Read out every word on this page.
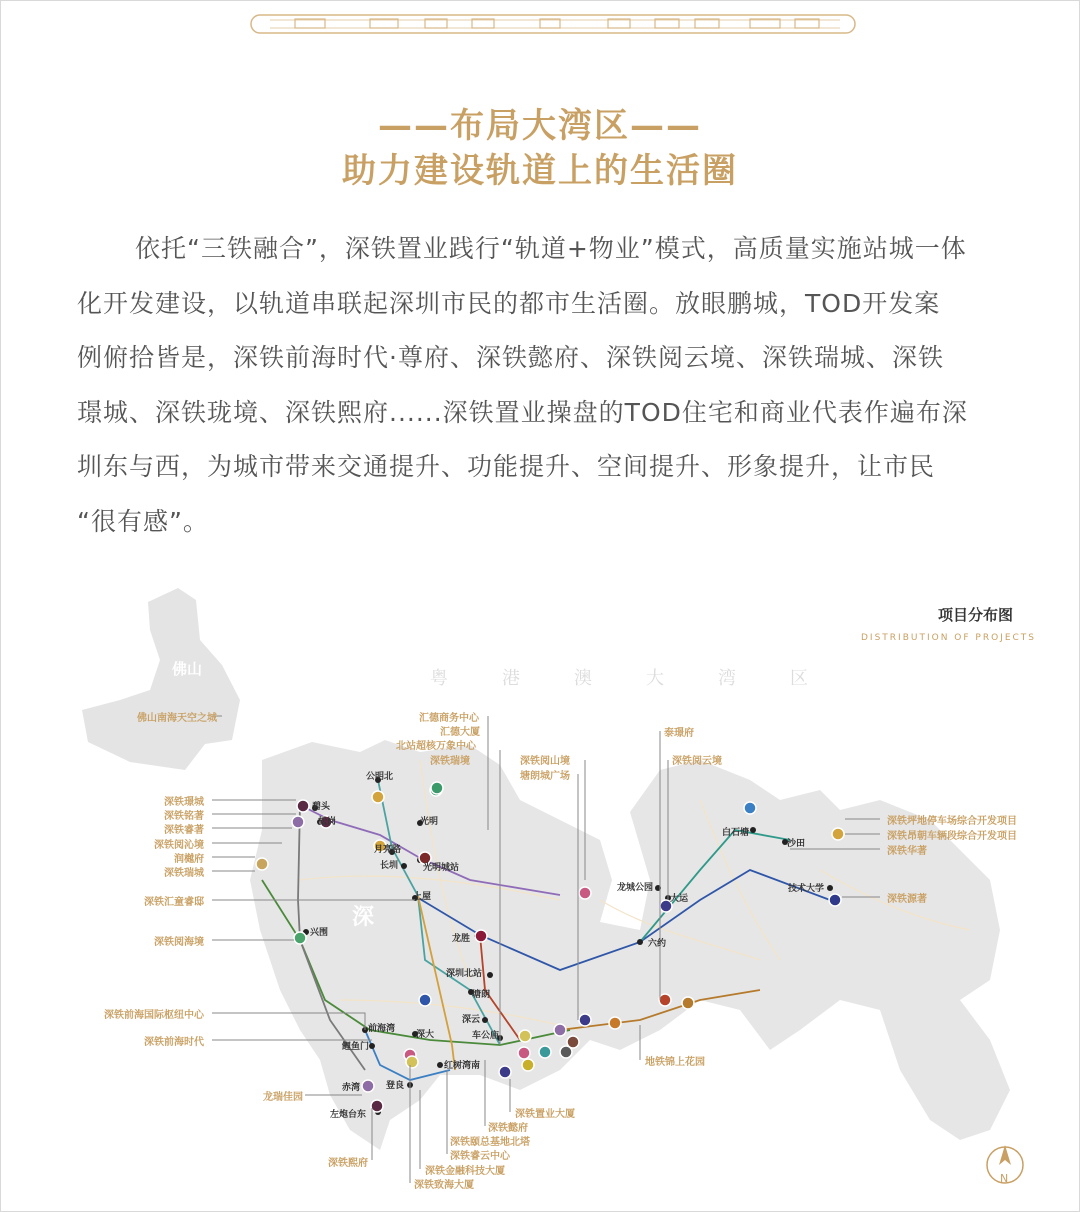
——布局大湾区——
助力建设轨道上的生活圈

依托“三铁融合”，深铁置业践行“轨道+物业”模式，高质量实施站城一体

化开发建设，以轨道串联起深圳市民的都市生活圈。放眼鹏城，TOD开发案

例俯拾皆是，深铁前海时代·尊府、深铁懿府、深铁阅云境、深铁瑞城、深铁

璟城、深铁珑境、深铁熙府......深铁置业操盘的TOD住宅和商业代表作遍布深

圳东与西，为城市带来交通提升、功能提升、空间提升、形象提升，让市民

“很有感”。

项目分布图
DISTRIBUTION OF PROJECTS
粤	港	澳	大	湾	区
佛山
深
N
佛山南海天空之城
深铁璟城
深铁铭著
深铁睿著
深铁阅沁境
润樾府
深铁瑞城
深铁汇童睿邸
深铁阅海境
深铁前海国际枢纽中心
深铁前海时代
龙瑞佳园
深铁熙府
深铁置业大厦
深铁懿府
深铁颐总基地北塔
深铁睿云中心
深铁金融科技大厦
深铁致海大厦
汇德商务中心
汇德大厦
北站超核万象中心
深铁瑞境	深铁阅山境
塘朗城广场
泰璟府
深铁阅云境
深铁坪地停车场综合开发项目
深铁昂朝车辆段综合开发项目
深铁华著
深铁源著
地铁锦上花园
公明北
碧头
松岗	光明
月亮路
长圳	光明城站
上屋
兴围
龙胜
深圳北站
塘朗
前海湾
鲤鱼门
深大
深云
车公庙
红树湾南
赤湾	登良
左炮台东
龙城公园
大运
六约
白石塘
沙田
技术大学
